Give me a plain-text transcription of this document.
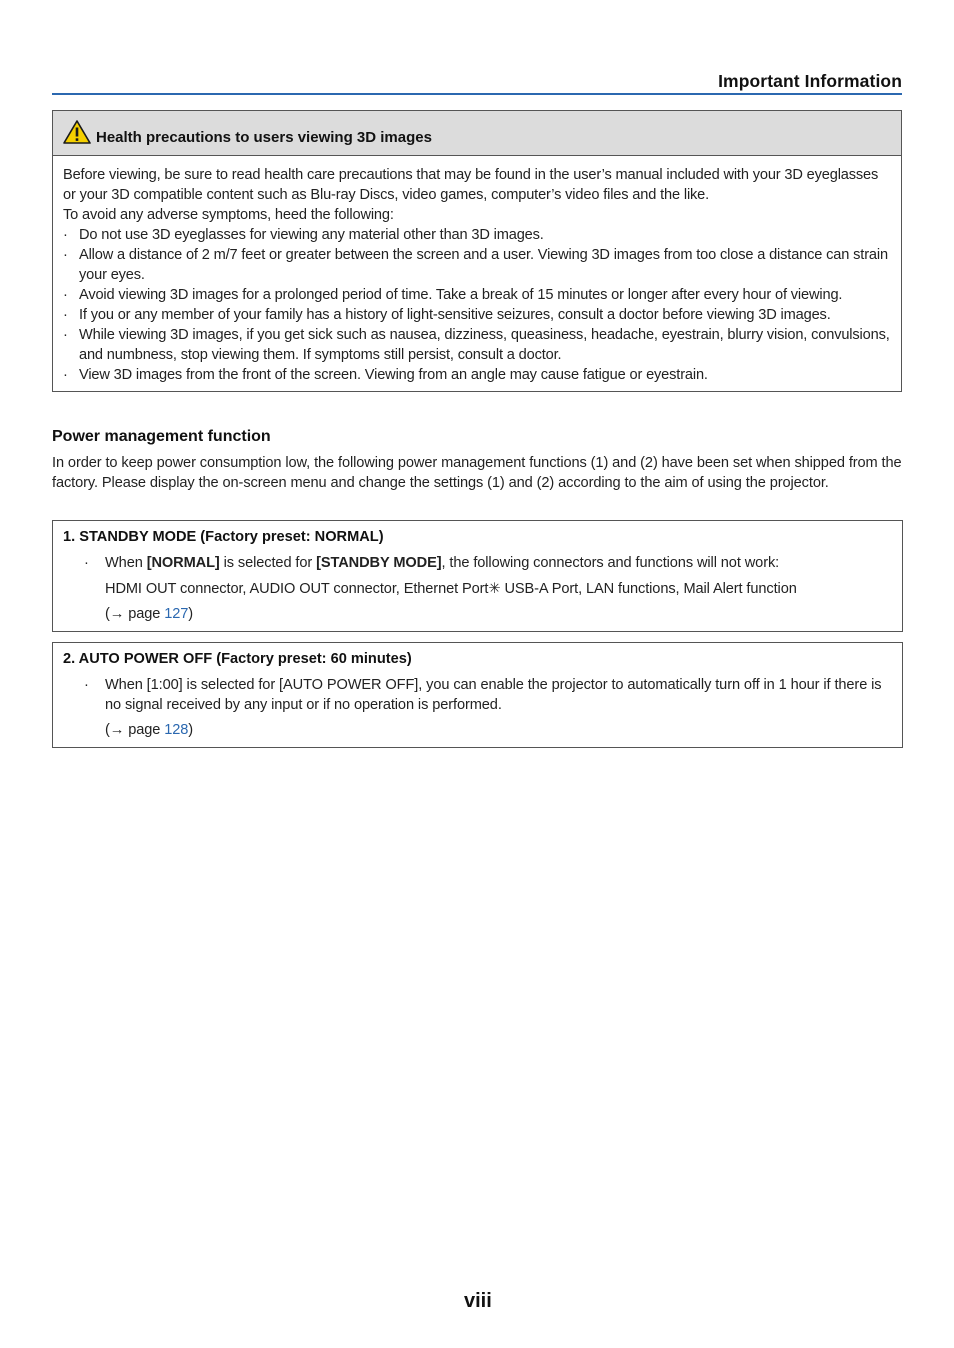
Important Information
Health precautions to users viewing 3D images

Before viewing, be sure to read health care precautions that may be found in the user’s manual included with your 3D eyeglasses or your 3D compatible content such as Blu-ray Discs, video games, computer’s video files and the like.

To avoid any adverse symptoms, heed the following:

· Do not use 3D eyeglasses for viewing any material other than 3D images.
· Allow a distance of 2 m/7 feet or greater between the screen and a user. Viewing 3D images from too close a distance can strain your eyes.
· Avoid viewing 3D images for a prolonged period of time. Take a break of 15 minutes or longer after every hour of viewing.
· If you or any member of your family has a history of light-sensitive seizures, consult a doctor before viewing 3D images.
· While viewing 3D images, if you get sick such as nausea, dizziness, queasiness, headache, eyestrain, blurry vision, convulsions, and numbness, stop viewing them. If symptoms still persist, consult a doctor.
· View 3D images from the front of the screen. Viewing from an angle may cause fatigue or eyestrain.
Power management function

In order to keep power consumption low, the following power management functions (1) and (2) have been set when shipped from the factory. Please display the on-screen menu and change the settings (1) and (2) according to the aim of using the projector.

1. STANDBY MODE (Factory preset: NORMAL)
· When [NORMAL] is selected for [STANDBY MODE], the following connectors and functions will not work:
HDMI OUT connector, AUDIO OUT connector, Ethernet Port✳ USB-A Port, LAN functions, Mail Alert function
(→ page 127)
2. AUTO POWER OFF (Factory preset: 60 minutes)
· When [1:00] is selected for [AUTO POWER OFF], you can enable the projector to automatically turn off in 1 hour if there is no signal received by any input or if no operation is performed.
(→ page 128)
viii
